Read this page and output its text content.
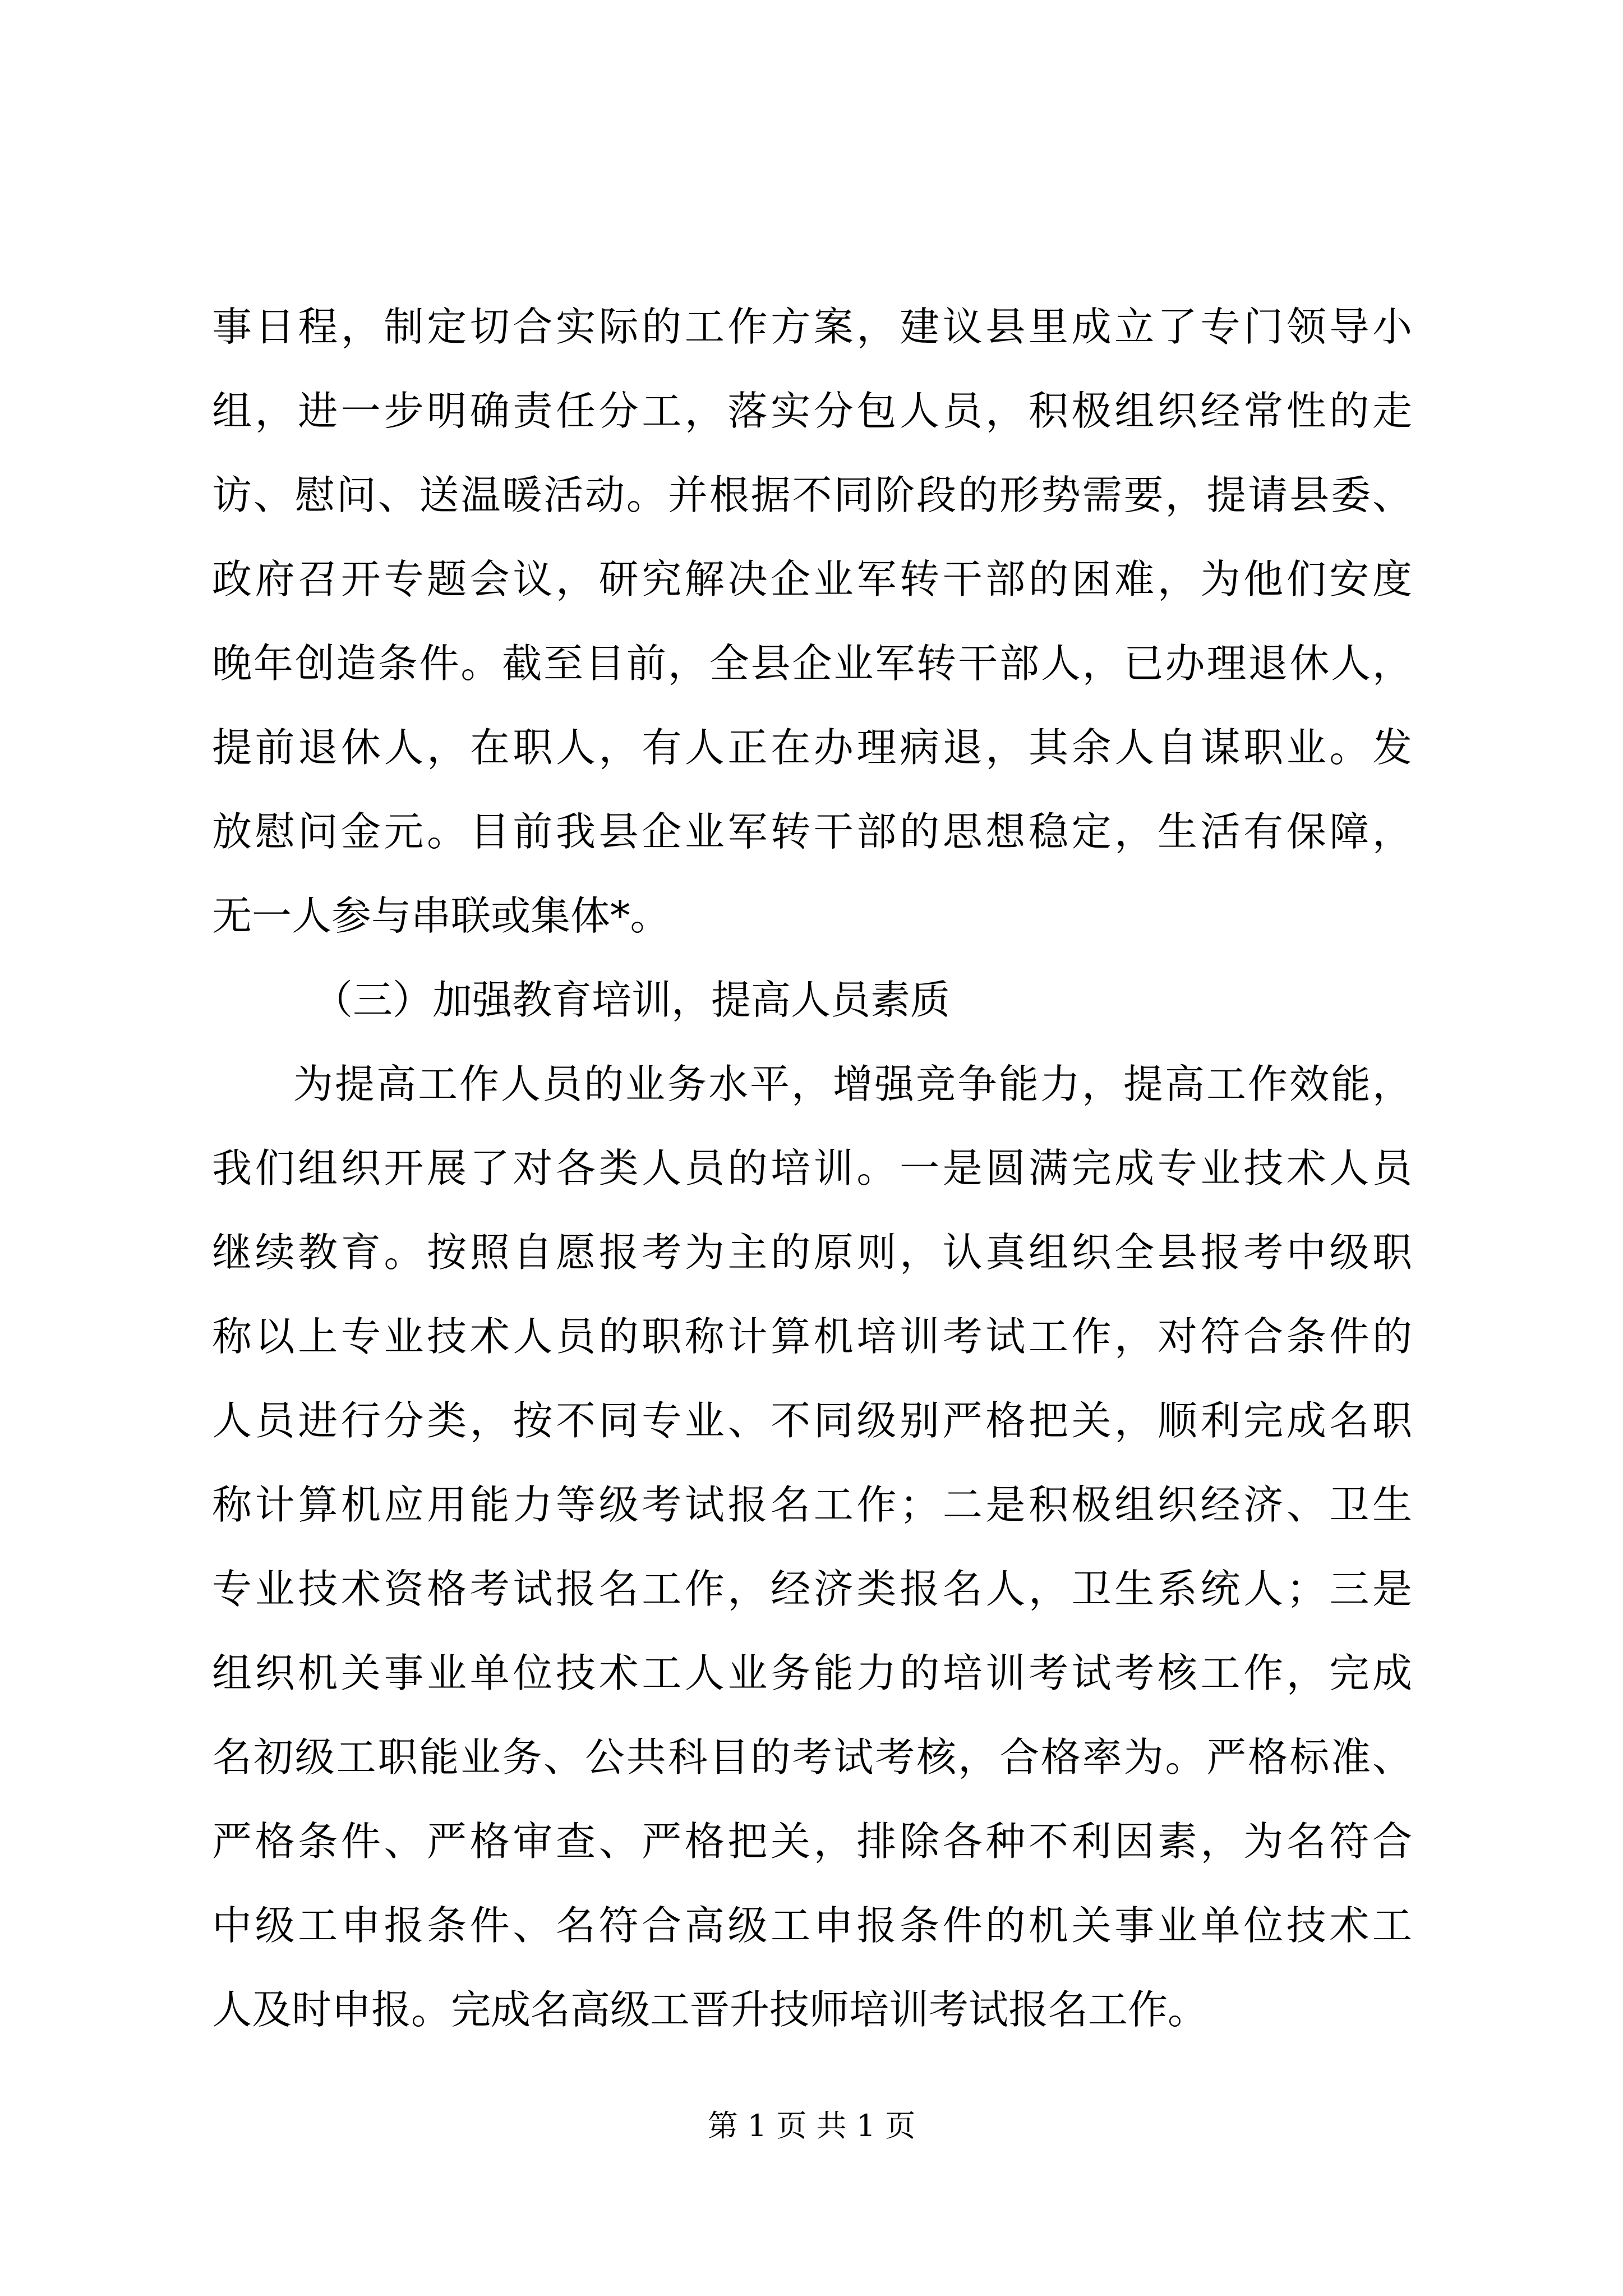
事日程，制定切合实际的工作方案，建议县里成立了专门领导小
组，进一步明确责任分工，落实分包人员，积极组织经常性的走
访、慰问、送温暖活动。并根据不同阶段的形势需要，提请县委、
政府召开专题会议，研究解决企业军转干部的困难，为他们安度
晚年创造条件。截至目前，全县企业军转干部人，已办理退休人，
提前退休人，在职人，有人正在办理病退，其余人自谋职业。发
放慰问金元。目前我县企业军转干部的思想稳定，生活有保障，
无一人参与串联或集体*。
（三）加强教育培训，提高人员素质
为提高工作人员的业务水平，增强竞争能力，提高工作效能，
我们组织开展了对各类人员的培训。一是圆满完成专业技术人员
继续教育。按照自愿报考为主的原则，认真组织全县报考中级职
称以上专业技术人员的职称计算机培训考试工作，对符合条件的
人员进行分类，按不同专业、不同级别严格把关，顺利完成名职
称计算机应用能力等级考试报名工作；二是积极组织经济、卫生
专业技术资格考试报名工作，经济类报名人，卫生系统人；三是
组织机关事业单位技术工人业务能力的培训考试考核工作，完成
名初级工职能业务、公共科目的考试考核，合格率为。严格标准、
严格条件、严格审查、严格把关，排除各种不利因素，为名符合
中级工申报条件、名符合高级工申报条件的机关事业单位技术工
人及时申报。完成名高级工晋升技师培训考试报名工作。
第 1 页 共 1 页
